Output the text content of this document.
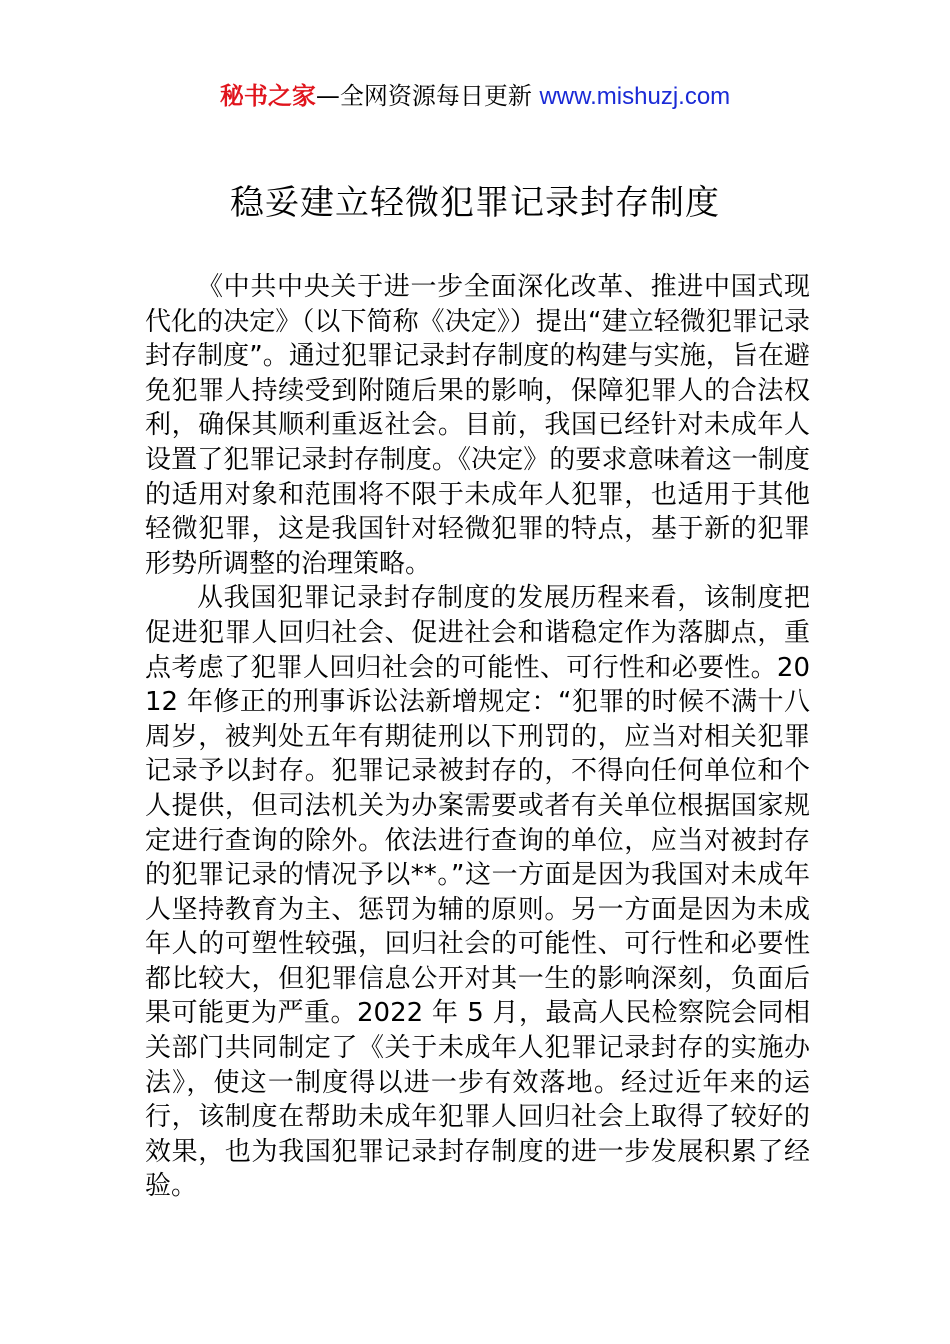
秘书之家—全网资源每日更新 www.mishuzj.com
稳妥建立轻微犯罪记录封存制度

《中共中央关于进一步全面深化改革、推进中国式现代化的决定》（以下简称《决定》）提出“建立轻微犯罪记录封存制度”。通过犯罪记录封存制度的构建与实施，旨在避免犯罪人持续受到附随后果的影响，保障犯罪人的合法权利，确保其顺利重返社会。目前，我国已经针对未成年人设置了犯罪记录封存制度。《决定》的要求意味着这一制度的适用对象和范围将不限于未成年人犯罪，也适用于其他轻微犯罪，这是我国针对轻微犯罪的特点，基于新的犯罪形势所调整的治理策略。

从我国犯罪记录封存制度的发展历程来看，该制度把促进犯罪人回归社会、促进社会和谐稳定作为落脚点，重点考虑了犯罪人回归社会的可能性、可行性和必要性。2012 年修正的刑事诉讼法新增规定：“犯罪的时候不满十八周岁，被判处五年有期徒刑以下刑罚的，应当对相关犯罪记录予以封存。犯罪记录被封存的，不得向任何单位和个人提供，但司法机关为办案需要或者有关单位根据国家规定进行查询的除外。依法进行查询的单位，应当对被封存的犯罪记录的情况予以**。”这一方面是因为我国对未成年人坚持教育为主、惩罚为辅的原则。另一方面是因为未成年人的可塑性较强，回归社会的可能性、可行性和必要性都比较大，但犯罪信息公开对其一生的影响深刻，负面后果可能更为严重。2022 年 5 月，最高人民检察院会同相关部门共同制定了《关于未成年人犯罪记录封存的实施办法》，使这一制度得以进一步有效落地。经过近年来的运行，该制度在帮助未成年犯罪人回归社会上取得了较好的效果，也为我国犯罪记录封存制度的进一步发展积累了经验。
